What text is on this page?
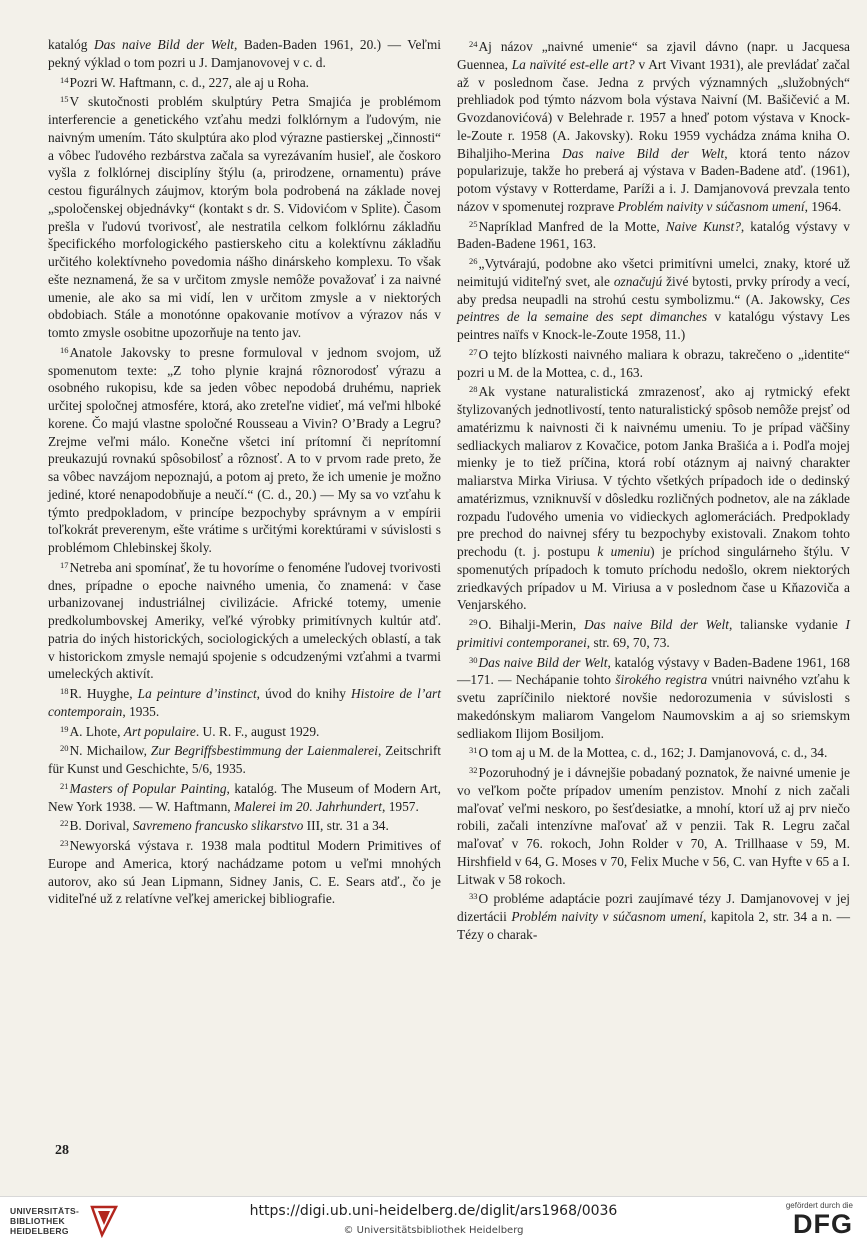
katalóg Das naive Bild der Welt, Baden-Baden 1961, 20.) — Veľmi pekný výklad o tom pozri u J. Damjanovovej v c. d.

$^{14}$Pozri W. Haftmann, c. d., 227, ale aj u Roha.

$^{15}$V skutočnosti problém skulptúry Petra Smajića je problémom interferencie a genetického vzťahu medzi folklórnym a ľudovým, nie naivným umením. Táto skulptúra ako plod výrazne pastierskej „činnosti“ a vôbec ľudového rezbárstva začala sa vyrezávaním husieľ, ale čoskoro vyšla z folklórnej disciplíny štýlu (a, prirodzene, ornamentu) práve cestou figurálnych záujmov, ktorým bola podrobená na základe novej „spoločenskej objednávky“ (kontakt s dr. S. Vidovićom v Splite). Časom prešla v ľudovú tvorivosť, ale nestratila celkom folklórnu základňu špecifického morfologického pastierskeho citu a kolektívnu základňu určitého kolektívneho povedomia nášho dinárskeho komplexu. To však ešte neznamená, že sa v určitom zmysle nemôže považovať i za naivné umenie, ale ako sa mi vidí, len v určitom zmysle a v niektorých obdobiach. Stále a monotónne opakovanie motívov a výrazov nás v tomto zmysle osobitne upozorňuje na tento jav.

$^{16}$Anatole Jakovsky to presne formuloval v jednom svojom, už spomenutom texte: „Z toho plynie krajná rôznorodosť výrazu a osobného rukopisu, kde sa jeden vôbec nepodobá druhému, napriek určitej spoločnej atmosfére, ktorá, ako zreteľne vidieť, má veľmi hlboké korene. Čo majú vlastne spoločné Rousseau a Vivin? O’Brady a Legru? Zrejme veľmi málo. Konečne všetci iní prítomní či neprítomní preukazujú rovnakú spôsobilosť a rôznosť. A to v prvom rade preto, že sa vôbec navzájom nepoznajú, a potom aj preto, že ich umenie je možno jediné, ktoré nenapodobňuje a neučí.“ (C. d., 20.) — My sa vo vzťahu k týmto predpokladom, v princípe bezpochyby správnym a v empírii toľkokrát preverenym, ešte vrátime s určitými korektúrami v súvislosti s problémom Chlebinskej školy.

$^{17}$Netreba ani spomínať, že tu hovoríme o fenoméne ľudovej tvorivosti dnes, prípadne o epoche naivného umenia, čo znamená: v čase urbanizovanej industriálnej civilizácie. Africké totemy, umenie predkolumbovskej Ameriky, veľké výrobky primitívnych kultúr atď. patria do iných historických, sociologických a umeleckých oblastí, a tak v historickom zmysle nemajú spojenie s odcudzenými vzťahmi a tvarmi umeleckých aktivít.

$^{18}$R. Huyghe, La peinture d’instinct, úvod do knihy Histoire de l’art contemporain, 1935.

$^{19}$A. Lhote, Art populaire. U. R. F., august 1929.

$^{20}$N. Michailow, Zur Begriffsbestimmung der Laienmalerei, Zeitschrift für Kunst und Geschichte, 5/6, 1935.

$^{21}$Masters of Popular Painting, katalóg. The Museum of Modern Art, New York 1938. — W. Haftmann, Malerei im 20. Jahrhundert, 1957.

$^{22}$B. Dorival, Savremeno francusko slikarstvo III, str. 31 a 34.

$^{23}$Newyorská výstava r. 1938 mala podtitul Modern Primitives of Europe and America, ktorý nachádzame potom u veľmi mnohých autorov, ako sú Jean Lipmann, Sidney Janis, C. E. Sears atď., čo je viditeľné už z relatívne veľkej americkej bibliografie.

$^{24}$Aj názov „naivné umenie“ sa zjavil dávno (napr. u Jacquesa Guennea, La naïvité est-elle art? v Art Vivant 1931), ale prevládať začal až v poslednom čase. Jedna z prvých významných „služobných“ prehliadok pod týmto názvom bola výstava Naivní (M. Bašičević a M. Gvozdanovićová) v Belehrade r. 1957 a hneď potom výstava v Knock-le-Zoute r. 1958 (A. Jakovsky). Roku 1959 vychádza známa kniha O. Bihaljiho-Merina Das naive Bild der Welt, ktorá tento názov popularizuje, takže ho preberá aj výstava v Baden-Badene atď. (1961), potom výstavy v Rotterdame, Paríži a i. J. Damjanovová prevzala tento názov v spomenutej rozprave Problém naivity v súčasnom umení, 1964.

$^{25}$Napríklad Manfred de la Motte, Naive Kunst?, katalóg výstavy v Baden-Badene 1961, 163.

$^{26}$„Vytvárajú, podobne ako všetci primitívni umelci, znaky, ktoré už neimitujú viditeľný svet, ale označujú živé bytosti, prvky prírody a vecí, aby predsa neupadli na strohú cestu symbolizmu.“ (A. Jakowsky, Ces peintres de la semaine des sept dimanches v katalógu výstavy Les peintres naïfs v Knock-le-Zoute 1958, 11.)

$^{27}$O tejto blízkosti naivného maliara k obrazu, takrečeno o „identite“ pozri u M. de la Mottea, c. d., 163.

$^{28}$Ak vystane naturalistická zmrazenosť, ako aj rytmický efekt štylizovaných jednotlivostí, tento naturalistický spôsob nemôže prejsť od amatérizmu k naivnosti či k naivnému umeniu. To je prípad väčšiny sedliackych maliarov z Kovačice, potom Janka Brašića a i. Podľa mojej mienky je to tiež príčina, ktorá robí otáznym aj naivný charakter maliarstva Mirka Viriusa. V týchto všetkých prípadoch ide o dedinský amatérizmus, vzniknuvší v dôsledku rozličných podnetov, ale na základe rozpadu ľudového umenia vo vidieckych aglomeráciách. Predpoklady pre prechod do naivnej sféry tu bezpochyby existovali. Znakom tohto prechodu (t. j. postupu k umeniu) je príchod singulárneho štýlu. V spomenutých prípadoch k tomuto príchodu nedošlo, okrem niektorých zriedkavých prípadov u M. Viriusa a v poslednom čase u Kňazoviča a Venjarského.

$^{29}$O. Bihalji-Merin, Das naive Bild der Welt, talianske vydanie I primitivi contemporanei, str. 69, 70, 73.

$^{30}$Das naive Bild der Welt, katalóg výstavy v Baden-Badene 1961, 168—171. — Nechápanie tohto širokého registra vnútri naivného vzťahu k svetu zapríčinilo niektoré novšie nedorozumenia v súvislosti s makedónskym maliarom Vangelom Naumovskim a aj so sriemskym sedliakom Ilijom Bosiljom.

$^{31}$O tom aj u M. de la Mottea, c. d., 162; J. Damjanovová, c. d., 34.

$^{32}$Pozoruhodný je i dávnejšie pobadaný poznatok, že naivné umenie je vo veľkom počte prípadov umením penzistov. Mnohí z nich začali maľovať veľmi neskoro, po šesťdesiatke, a mnohí, ktorí už aj prv niečo robili, začali intenzívne maľovať až v penzii. Tak R. Legru začal maľovať v 76. rokoch, John Rolder v 70, A. Trillhaase v 59, M. Hirshfield v 64, G. Moses v 70, Felix Muche v 56, C. van Hyfte v 65 a I. Litwak v 58 rokoch.

$^{33}$O probléme adaptácie pozri zaujímavé tézy J. Damjanovovej v jej dizertácii Problém naivity v súčasnom umení, kapitola 2, str. 34 a n. — Tézy o charak-

28
UNIVERSITÄTS-
BIBLIOTHEK
HEIDELBERG
https://digi.ub.uni-heidelberg.de/diglit/ars1968/0036
© Universitätsbibliothek Heidelberg
gefördert durch die
DFG
